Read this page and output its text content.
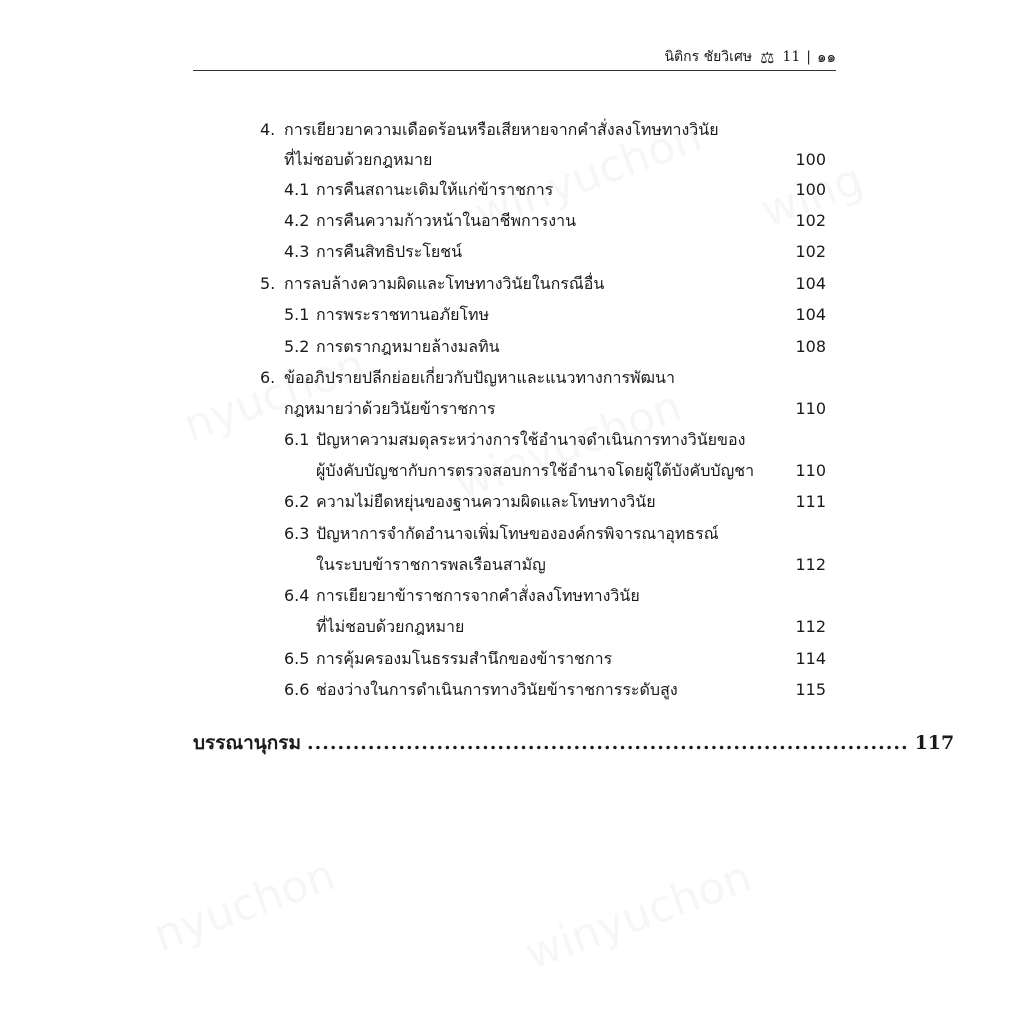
นิติกร ชัยวิเศษ ⚖ 11 | ๑๑
4. การเยียวยาความเดือดร้อนหรือเสียหายจากคำสั่งลงโทษทางวินัย
ที่ไม่ชอบด้วยกฎหมาย	100
4.1 การคืนสถานะเดิมให้แก่ข้าราชการ	100
4.2 การคืนความก้าวหน้าในอาชีพการงาน	102
4.3 การคืนสิทธิประโยชน์	102
5. การลบล้างความผิดและโทษทางวินัยในกรณีอื่น	104
5.1 การพระราชทานอภัยโทษ	104
5.2 การตรากฎหมายล้างมลทิน	108
6. ข้ออภิปรายปลีกย่อยเกี่ยวกับปัญหาและแนวทางการพัฒนา
กฎหมายว่าด้วยวินัยข้าราชการ	110
6.1 ปัญหาความสมดุลระหว่างการใช้อำนาจดำเนินการทางวินัยของ
ผู้บังคับบัญชากับการตรวจสอบการใช้อำนาจโดยผู้ใต้บังคับบัญชา	110
6.2 ความไม่ยืดหยุ่นของฐานความผิดและโทษทางวินัย	111
6.3 ปัญหาการจำกัดอำนาจเพิ่มโทษขององค์กรพิจารณาอุทธรณ์
ในระบบข้าราชการพลเรือนสามัญ	112
6.4 การเยียวยาข้าราชการจากคำสั่งลงโทษทางวินัย
ที่ไม่ชอบด้วยกฎหมาย	112
6.5 การคุ้มครองมโนธรรมสำนึกของข้าราชการ	114
6.6 ช่องว่างในการดำเนินการทางวินัยข้าราชการระดับสูง	115
บรรณานุกรม ............................................................................... 117
